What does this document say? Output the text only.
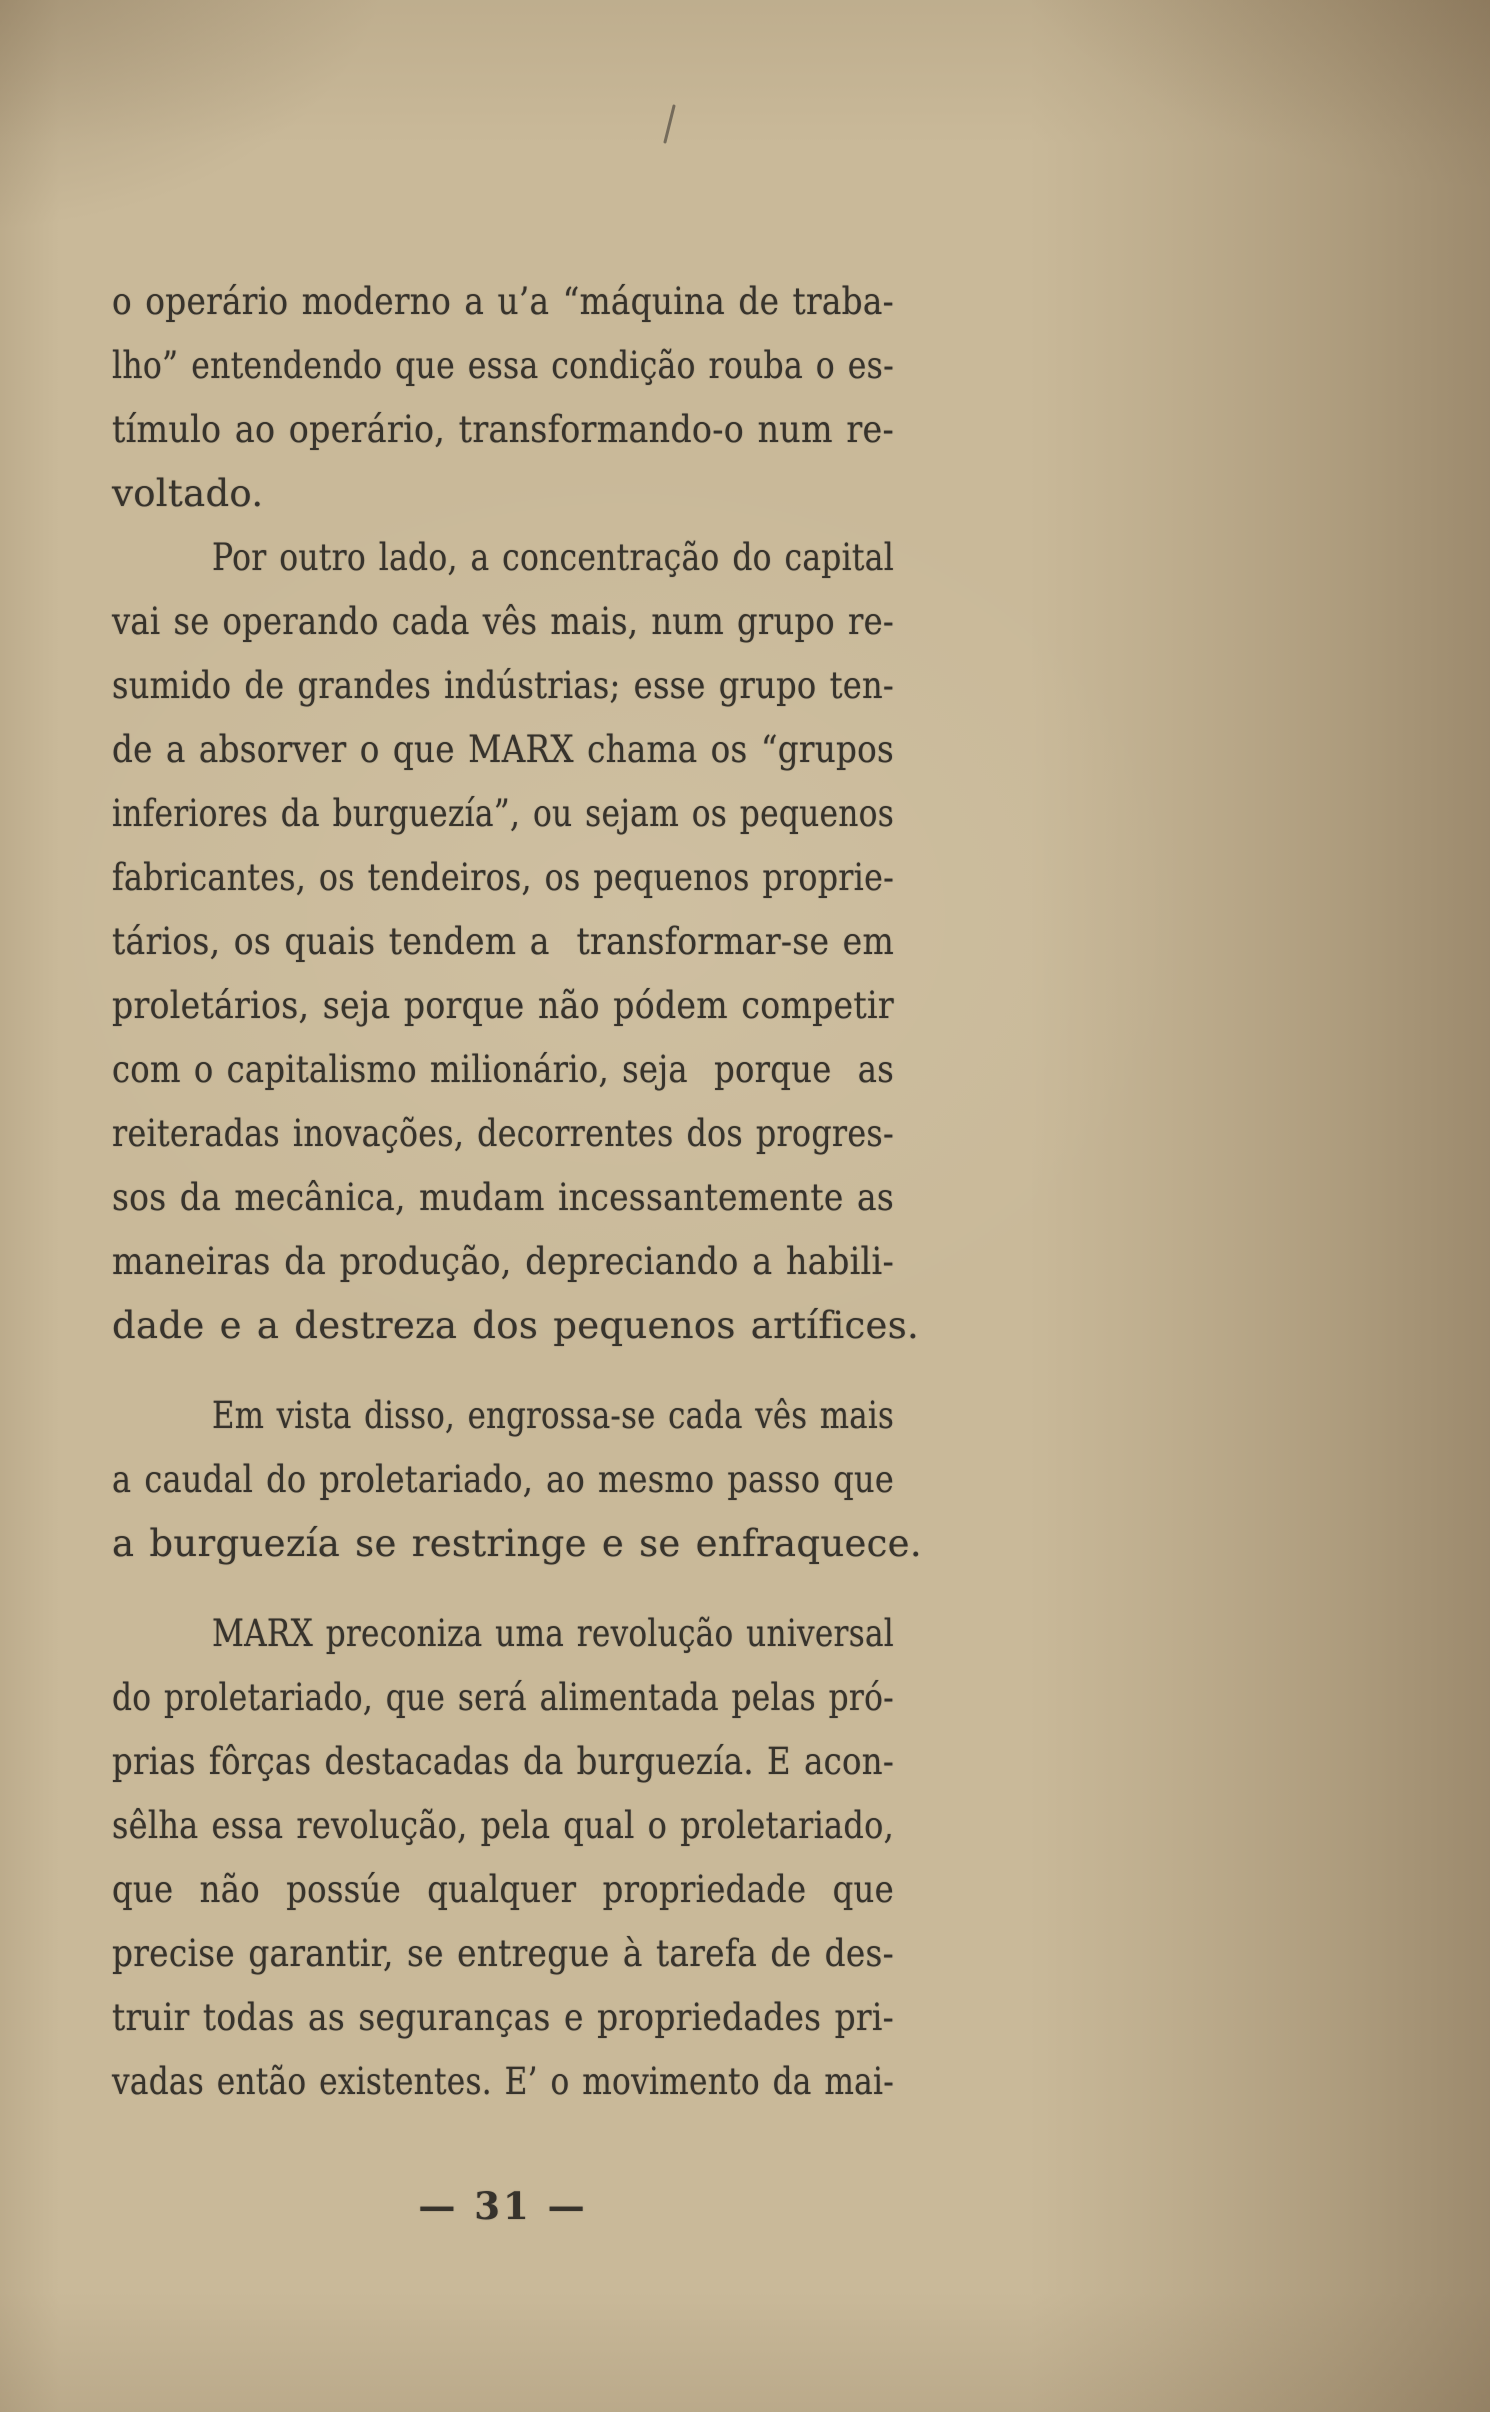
o operário moderno a u’a “máquina de traba-
lho” entendendo que essa condição rouba o es-
tímulo ao operário, transformando-o num re-
voltado.
Por outro lado, a concentração do capital
vai se operando cada vês mais, num grupo re-
sumido de grandes indústrias; esse grupo ten-
de a absorver o que MARX chama os “grupos
inferiores da burguezía”, ou sejam os pequenos
fabricantes, os tendeiros, os pequenos proprie-
tários, os quais tendem a  transformar-se em
proletários, seja porque não pódem competir
com o capitalismo milionário, seja  porque  as
reiteradas inovações, decorrentes dos progres-
sos da mecânica, mudam incessantemente as
maneiras da produção, depreciando a habili-
dade e a destreza dos pequenos artífices.
Em vista disso, engrossa-se cada vês mais
a caudal do proletariado, ao mesmo passo que
a burguezía se restringe e se enfraquece.
MARX preconiza uma revolução universal
do proletariado, que será alimentada pelas pró-
prias fôrças destacadas da burguezía. E acon-
sêlha essa revolução, pela qual o proletariado,
que  não  possúe  qualquer  propriedade  que
precise garantir, se entregue à tarefa de des-
truir todas as seguranças e propriedades pri-
vadas então existentes. E’ o movimento da mai-
— 31 —
